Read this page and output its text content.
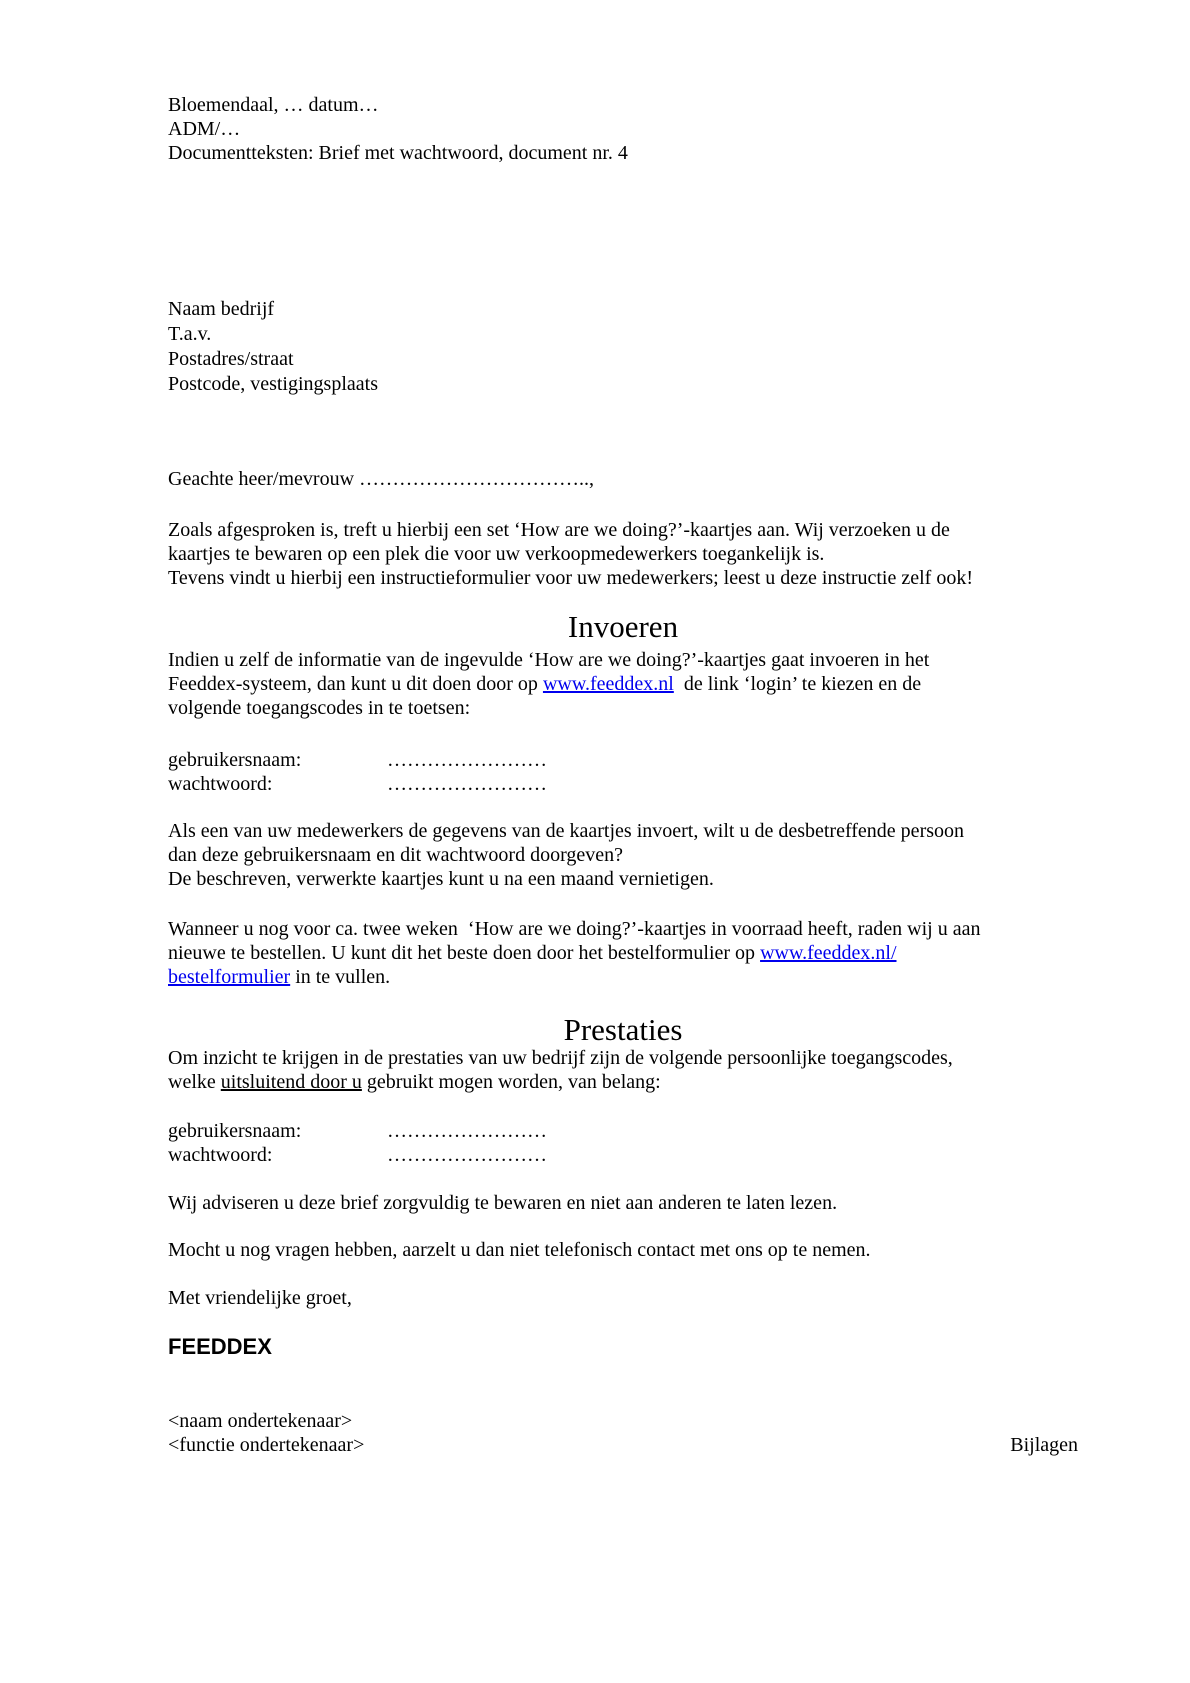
Bloemendaal, … datum…
ADM/…
Documentteksten: Brief met wachtwoord, document nr. 4
Naam bedrijf
T.a.v.
Postadres/straat
Postcode, vestigingsplaats
Geachte heer/mevrouw ……………………………..,
Zoals afgesproken is, treft u hierbij een set ‘How are we doing?’-kaartjes aan. Wij verzoeken u de
kaartjes te bewaren op een plek die voor uw verkoopmedewerkers toegankelijk is.
Tevens vindt u hierbij een instructieformulier voor uw medewerkers; leest u deze instructie zelf ook!
Invoeren
Indien u zelf de informatie van de ingevulde ‘How are we doing?’-kaartjes gaat invoeren in het
Feeddex-systeem, dan kunt u dit doen door op www.feeddex.nl  de link ‘login’ te kiezen en de
volgende toegangscodes in te toetsen:
gebruikersnaam:	……………………
wachtwoord:	……………………
Als een van uw medewerkers de gegevens van de kaartjes invoert, wilt u de desbetreffende persoon
dan deze gebruikersnaam en dit wachtwoord doorgeven?
De beschreven, verwerkte kaartjes kunt u na een maand vernietigen.
Wanneer u nog voor ca. twee weken  ‘How are we doing?’-kaartjes in voorraad heeft, raden wij u aan
nieuwe te bestellen. U kunt dit het beste doen door het bestelformulier op www.feeddex.nl/
bestelformulier in te vullen.
Prestaties
Om inzicht te krijgen in de prestaties van uw bedrijf zijn de volgende persoonlijke toegangscodes,
welke uitsluitend door u gebruikt mogen worden, van belang:
gebruikersnaam:	……………………
wachtwoord:	……………………
Wij adviseren u deze brief zorgvuldig te bewaren en niet aan anderen te laten lezen.
Mocht u nog vragen hebben, aarzelt u dan niet telefonisch contact met ons op te nemen.
Met vriendelijke groet,
FEEDDEX
<naam ondertekenaar>
<functie ondertekenaar>	Bijlagen
